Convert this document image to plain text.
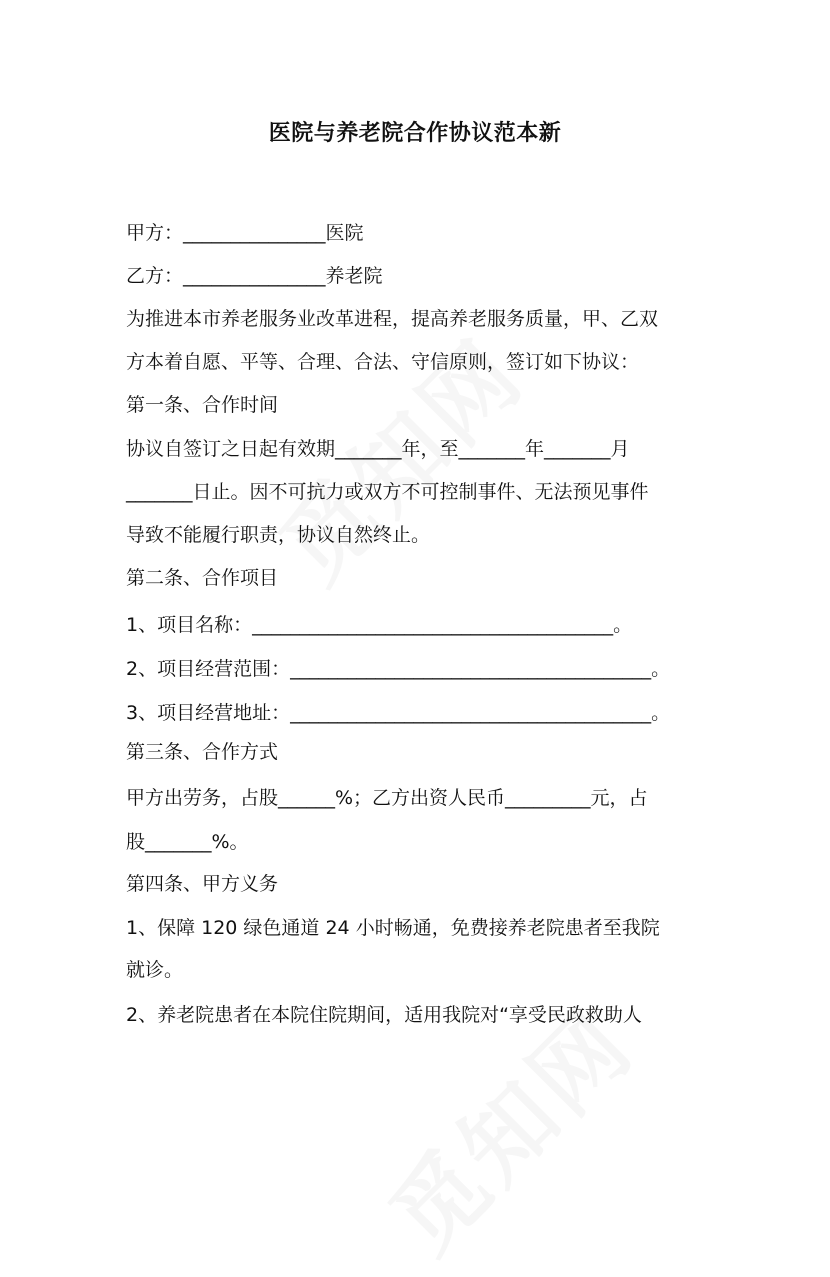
医院与养老院合作协议范本新
甲方：_______________医院
乙方：_______________养老院
为推进本市养老服务业改革进程，提高养老服务质量，甲、乙双
方本着自愿、平等、合理、合法、守信原则，签订如下协议：
第一条、合作时间
协议自签订之日起有效期_______年，至_______年_______月
_______日止。因不可抗力或双方不可控制事件、无法预见事件
导致不能履行职责，协议自然终止。
第二条、合作项目
1、项目名称：______________________________________。
2、项目经营范围：______________________________________。
3、项目经营地址：______________________________________。
第三条、合作方式
甲方出劳务，占股______%；乙方出资人民币_________元，占
股_______%。
第四条、甲方义务
1、保障 120 绿色通道 24 小时畅通，免费接养老院患者至我院
就诊。
2、养老院患者在本院住院期间，适用我院对“享受民政救助人
